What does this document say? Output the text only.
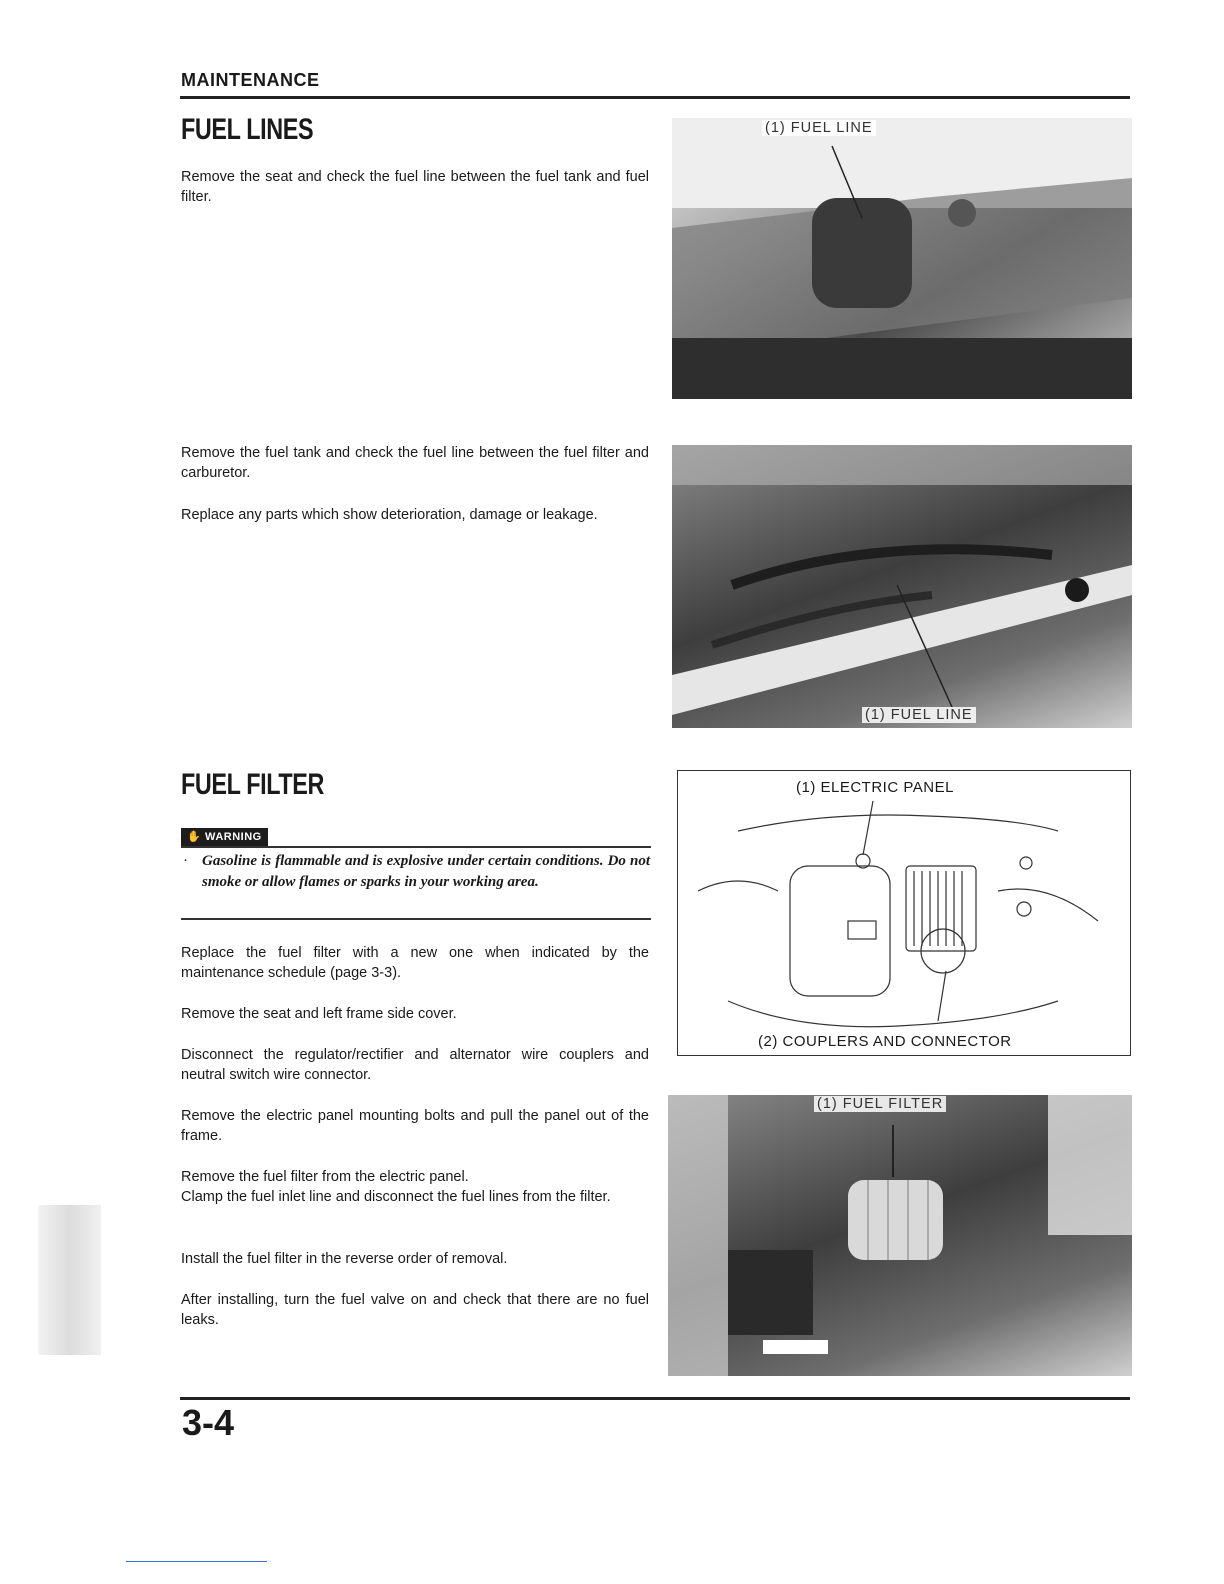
MAINTENANCE
FUEL LINES
Remove the seat and check the fuel line between the fuel tank and fuel filter.
(1) FUEL LINE
Remove the fuel tank and check the fuel line between the fuel filter and carburetor.
Replace any parts which show deterioration, damage or leakage.
(1) FUEL LINE
FUEL FILTER
✋ WARNING
· Gasoline is flammable and is explosive under certain conditions. Do not smoke or allow flames or sparks in your working area.
Replace the fuel filter with a new one when indicated by the maintenance schedule (page 3-3).
Remove the seat and left frame side cover.
Disconnect the regulator/rectifier and alternator wire couplers and neutral switch wire connector.
Remove the electric panel mounting bolts and pull the panel out of the frame.
Remove the fuel filter from the electric panel.
Clamp the fuel inlet line and disconnect the fuel lines from the filter.
Install the fuel filter in the reverse order of removal.
After installing, turn the fuel valve on and check that there are no fuel leaks.
(1) ELECTRIC PANEL
(2) COUPLERS AND CONNECTOR
(1) FUEL FILTER
3-4
